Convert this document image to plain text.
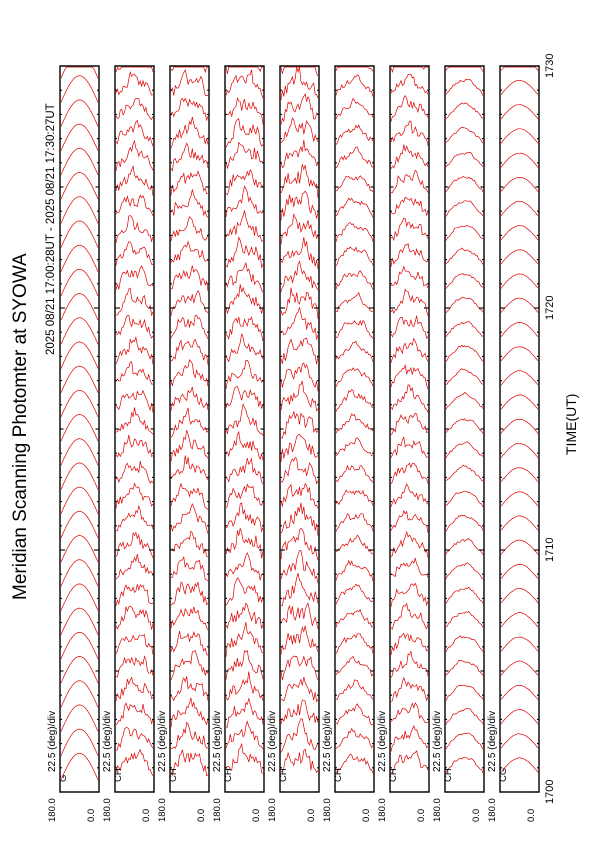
Meridian Scanning Photomter at SYOWA
2025 08/21 17:00:28UT - 2025 08/21 17:30:27UT
TIME(UT)
180.0
G
0.0
22.5 (deg)/div
180.0
CH
0.0
22.5 (deg)/div
180.0
CH
0.0
22.5 (deg)/div
180.0
CH
0.0
22.5 (deg)/div
180.0
CH
0.0
22.5 (deg)/div
180.0
CH
0.0
22.5 (deg)/div
180.0
CH
0.0
22.5 (deg)/div
180.0
CH
0.0
22.5 (deg)/div
180.0
CG
0.0
22.5 (deg)/div
1700
1710
1720
1730
